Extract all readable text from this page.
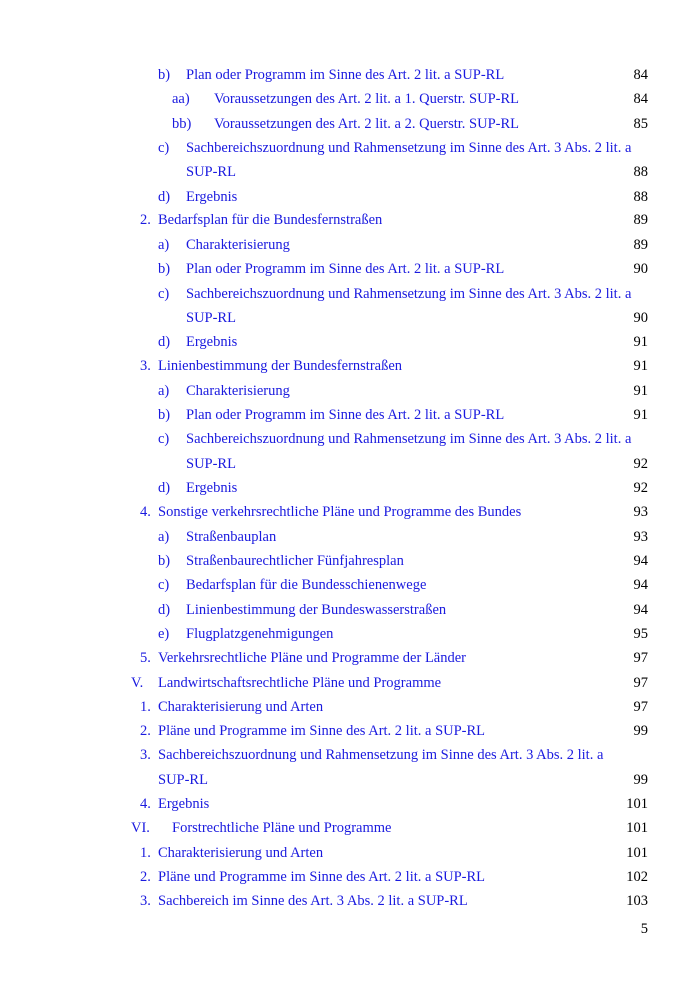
b) Plan oder Programm im Sinne des Art. 2 lit. a SUP-RL	84
aa) Voraussetzungen des Art. 2 lit. a 1. Querstr. SUP-RL	84
bb) Voraussetzungen des Art. 2 lit. a 2. Querstr. SUP-RL	85
c) Sachbereichszuordnung und Rahmensetzung im Sinne des Art. 3 Abs. 2 lit. a
SUP-RL	88
d) Ergebnis	88
2. Bedarfsplan für die Bundesfernstraßen	89
a) Charakterisierung	89
b) Plan oder Programm im Sinne des Art. 2 lit. a SUP-RL	90
c) Sachbereichszuordnung und Rahmensetzung im Sinne des Art. 3 Abs. 2 lit. a
SUP-RL	90
d) Ergebnis	91
3. Linienbestimmung der Bundesfernstraßen	91
a) Charakterisierung	91
b) Plan oder Programm im Sinne des Art. 2 lit. a SUP-RL	91
c) Sachbereichszuordnung und Rahmensetzung im Sinne des Art. 3 Abs. 2 lit. a
SUP-RL	92
d) Ergebnis	92
4. Sonstige verkehrsrechtliche Pläne und Programme des Bundes	93
a) Straßenbauplan	93
b) Straßenbaurechtlicher Fünfjahresplan	94
c) Bedarfsplan für die Bundesschienenwege	94
d) Linienbestimmung der Bundeswasserstraßen	94
e) Flugplatzgenehmigungen	95
5. Verkehrsrechtliche Pläne und Programme der Länder	97
V. Landwirtschaftsrechtliche Pläne und Programme	97
1. Charakterisierung und Arten	97
2. Pläne und Programme im Sinne des Art. 2 lit. a SUP-RL	99
3. Sachbereichszuordnung und Rahmensetzung im Sinne des Art. 3 Abs. 2 lit. a
SUP-RL	99
4. Ergebnis	101
VI. Forstrechtliche Pläne und Programme	101
1. Charakterisierung und Arten	101
2. Pläne und Programme im Sinne des Art. 2 lit. a SUP-RL	102
3. Sachbereich im Sinne des Art. 3 Abs. 2 lit. a SUP-RL	103
5
